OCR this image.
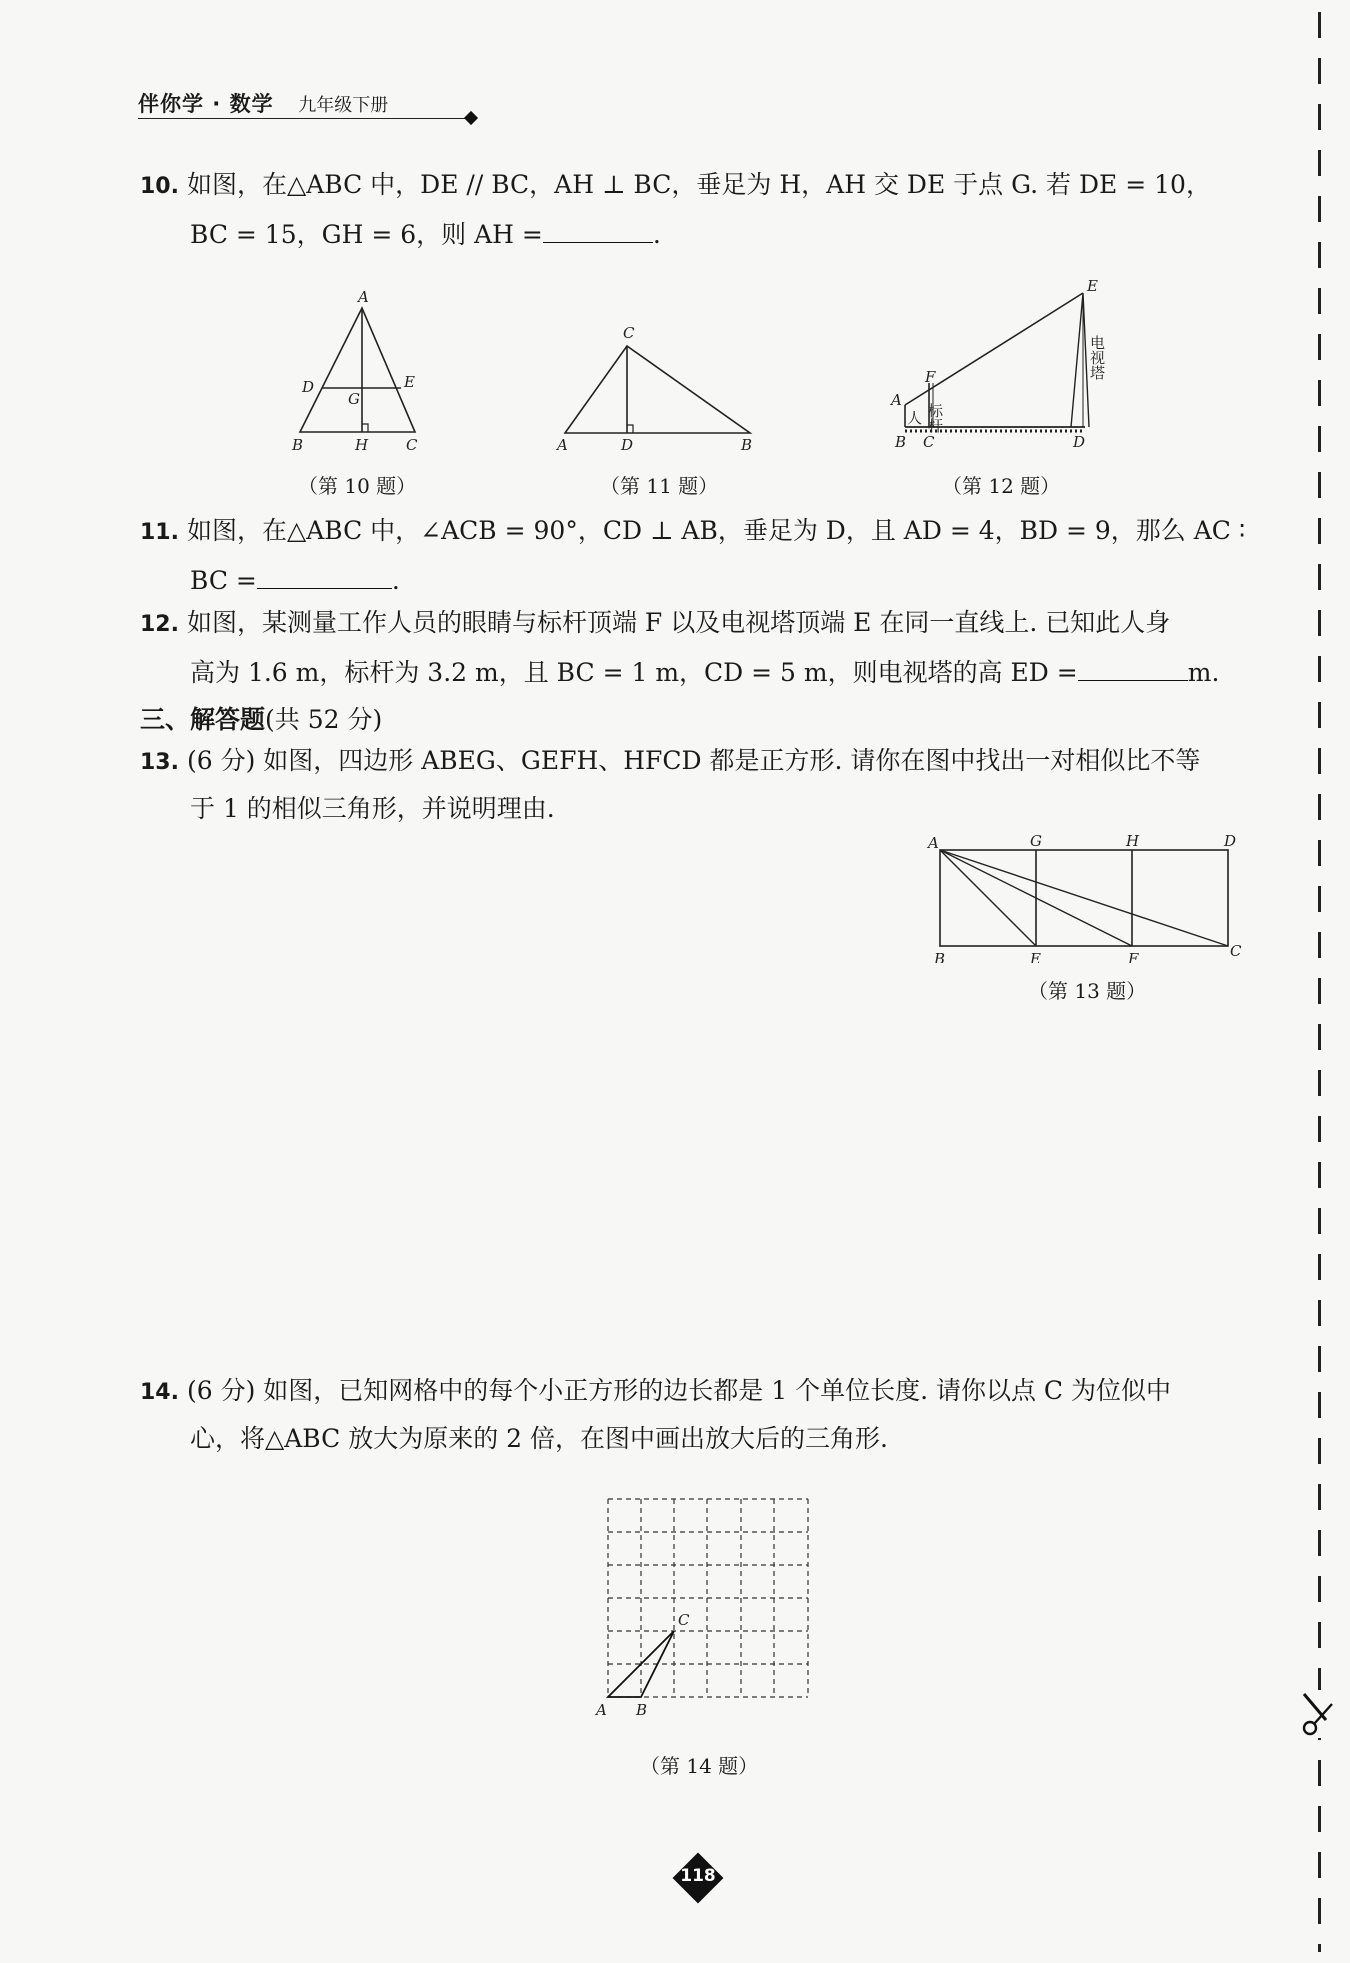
伴你学 · 数学 九年级下册
10. 如图，在△ABC 中，DE // BC，AH ⊥ BC，垂足为 H，AH 交 DE 于点 G. 若 DE = 10，
BC = 15，GH = 6，则 AH =	.
A
D	E
G
B	H	C
（第 10 题）
C
A	D	B
（第 11 题）
E
F
A
B C	D
人 标杆
电视塔
（第 12 题）
11. 如图，在△ABC 中，∠ACB = 90°，CD ⊥ AB，垂足为 D，且 AD = 4，BD = 9，那么 AC ∶
BC =	.
12. 如图，某测量工作人员的眼睛与标杆顶端 F 以及电视塔顶端 E 在同一直线上. 已知此人身
高为 1.6 m，标杆为 3.2 m，且 BC = 1 m，CD = 5 m，则电视塔的高 ED =	m.
三、解答题(共 52 分)
13. (6 分) 如图，四边形 ABEG、GEFH、HFCD 都是正方形. 请你在图中找出一对相似比不等
于 1 的相似三角形，并说明理由.
A	G	H	D
B	E	F	C
（第 13 题）
14. (6 分) 如图，已知网格中的每个小正方形的边长都是 1 个单位长度. 请你以点 C 为位似中
心，将△ABC 放大为原来的 2 倍，在图中画出放大后的三角形.
C
A B
（第 14 题）
118
